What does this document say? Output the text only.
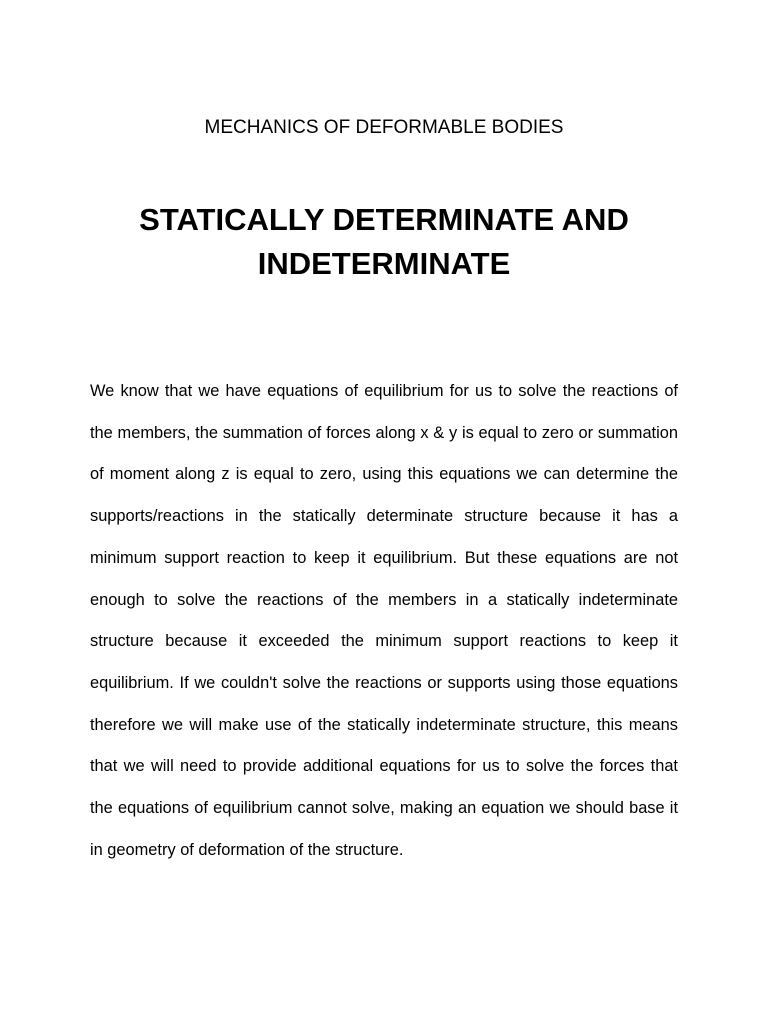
MECHANICS OF DEFORMABLE BODIES
STATICALLY DETERMINATE AND
INDETERMINATE

We know that we have equations of equilibrium for us to solve the reactions of the members, the summation of forces along x & y is equal to zero or summation of moment along z is equal to zero, using this equations we can determine the supports/reactions in the statically determinate structure because it has a minimum support reaction to keep it equilibrium. But these equations are not enough to solve the reactions of the members in a statically indeterminate structure because it exceeded the minimum support reactions to keep it equilibrium. If we couldn't solve the reactions or supports using those equations therefore we will make use of the statically indeterminate structure, this means that we will need to provide additional equations for us to solve the forces that the equations of equilibrium cannot solve, making an equation we should base it in geometry of deformation of the structure.
